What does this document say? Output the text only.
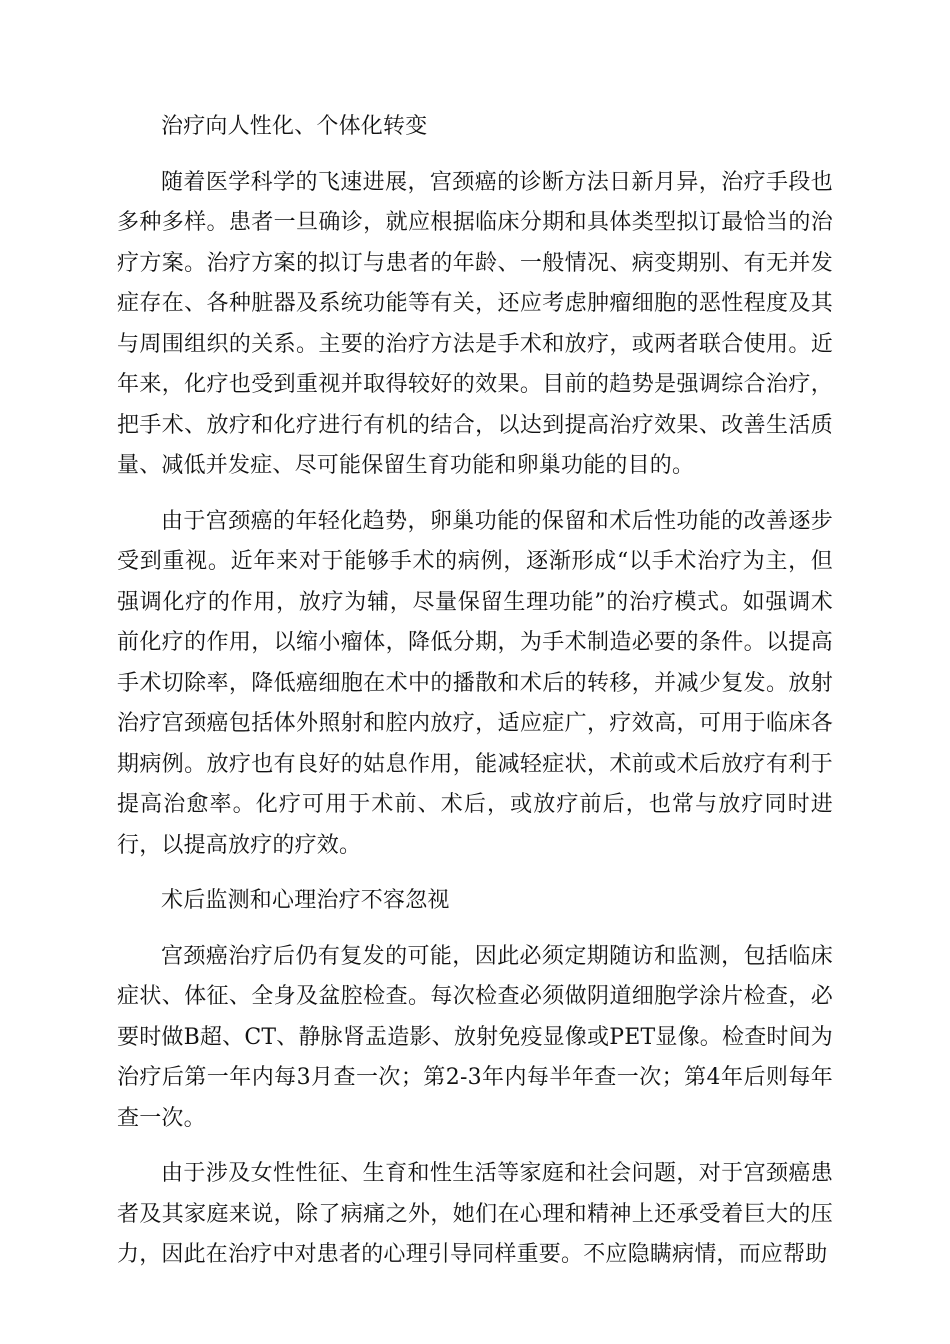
治疗向人性化、个体化转变

随着医学科学的飞速进展，宫颈癌的诊断方法日新月异，治疗手段也多种多样。患者一旦确诊，就应根据临床分期和具体类型拟订最恰当的治疗方案。治疗方案的拟订与患者的年龄、一般情况、病变期别、有无并发症存在、各种脏器及系统功能等有关，还应考虑肿瘤细胞的恶性程度及其与周围组织的关系。主要的治疗方法是手术和放疗，或两者联合使用。近年来，化疗也受到重视并取得较好的效果。目前的趋势是强调综合治疗，把手术、放疗和化疗进行有机的结合，以达到提高治疗效果、改善生活质量、减低并发症、尽可能保留生育功能和卵巢功能的目的。

由于宫颈癌的年轻化趋势，卵巢功能的保留和术后性功能的改善逐步受到重视。近年来对于能够手术的病例，逐渐形成“以手术治疗为主，但强调化疗的作用，放疗为辅，尽量保留生理功能”的治疗模式。如强调术前化疗的作用，以缩小瘤体，降低分期，为手术制造必要的条件。以提高手术切除率，降低癌细胞在术中的播散和术后的转移，并减少复发。放射治疗宫颈癌包括体外照射和腔内放疗，适应症广，疗效高，可用于临床各期病例。放疗也有良好的姑息作用，能减轻症状，术前或术后放疗有利于提高治愈率。化疗可用于术前、术后，或放疗前后，也常与放疗同时进行，以提高放疗的疗效。

术后监测和心理治疗不容忽视

宫颈癌治疗后仍有复发的可能，因此必须定期随访和监测，包括临床症状、体征、全身及盆腔检查。每次检查必须做阴道细胞学涂片检查，必要时做B超、CT、静脉肾盂造影、放射免疫显像或PET显像。检查时间为治疗后第一年内每3月查一次；第2-3年内每半年查一次；第4年后则每年查一次。

由于涉及女性性征、生育和性生活等家庭和社会问题，对于宫颈癌患者及其家庭来说，除了病痛之外，她们在心理和精神上还承受着巨大的压力，因此在治疗中对患者的心理引导同样重要。不应隐瞒病情，而应帮助
